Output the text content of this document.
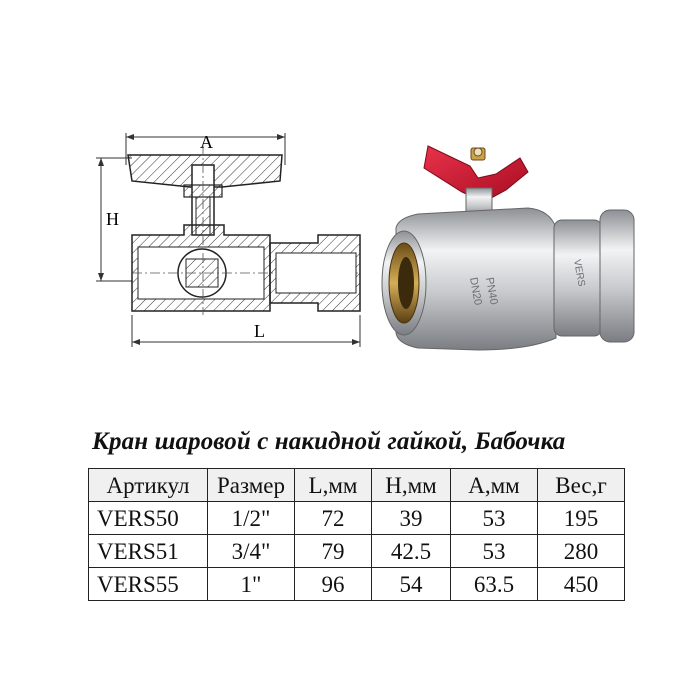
A
H
L
DN20 PN40
VERS
Кран шаровой с накидной гайкой, Бабочка
Артикул	Размер	L,мм	H,мм	A,мм	Вес,г
VERS50	1/2"	72	39	53	195
VERS51	3/4"	79	42.5	53	280
VERS55	1"	96	54	63.5	450
